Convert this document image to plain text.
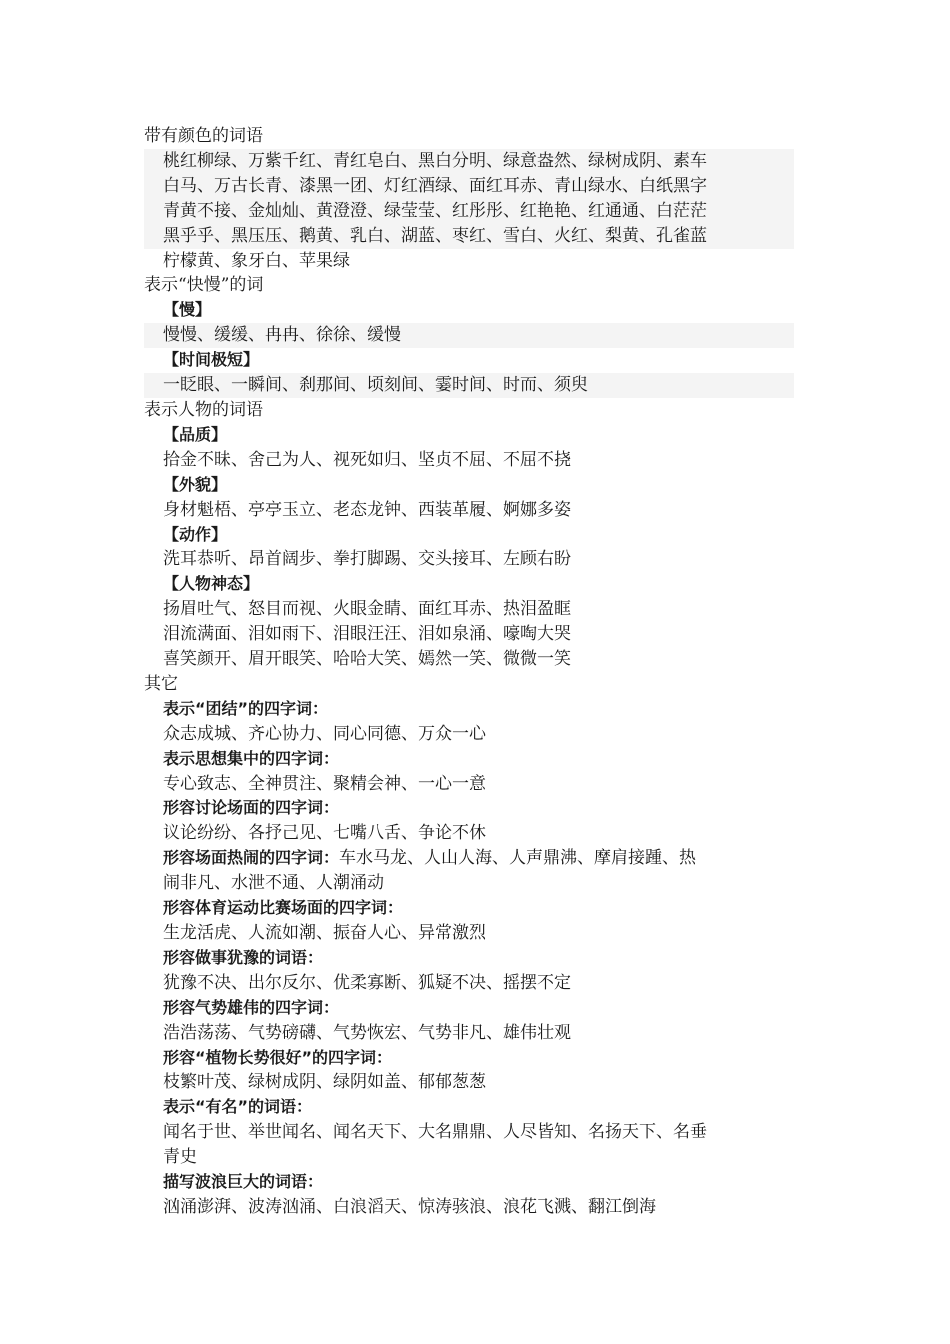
带有颜色的词语
桃红柳绿、万紫千红、青红皂白、黑白分明、绿意盎然、绿树成阴、素车
白马、万古长青、漆黑一团、灯红酒绿、面红耳赤、青山绿水、白纸黑字
青黄不接、金灿灿、黄澄澄、绿莹莹、红彤彤、红艳艳、红通通、白茫茫
黑乎乎、黑压压、鹅黄、乳白、湖蓝、枣红、雪白、火红、梨黄、孔雀蓝
柠檬黄、象牙白、苹果绿
表示“快慢”的词
【慢】
慢慢、缓缓、冉冉、徐徐、缓慢
【时间极短】
一眨眼、一瞬间、刹那间、顷刻间、霎时间、时而、须臾
表示人物的词语
【品质】
拾金不昧、舍己为人、视死如归、坚贞不屈、不屈不挠
【外貌】
身材魁梧、亭亭玉立、老态龙钟、西装革履、婀娜多姿
【动作】
洗耳恭听、昂首阔步、拳打脚踢、交头接耳、左顾右盼
【人物神态】
扬眉吐气、怒目而视、火眼金睛、面红耳赤、热泪盈眶
泪流满面、泪如雨下、泪眼汪汪、泪如泉涌、嚎啕大哭
喜笑颜开、眉开眼笑、哈哈大笑、嫣然一笑、微微一笑
其它
表示“团结”的四字词：
众志成城、齐心协力、同心同德、万众一心
表示思想集中的四字词：
专心致志、全神贯注、聚精会神、一心一意
形容讨论场面的四字词：
议论纷纷、各抒己见、七嘴八舌、争论不休
形容场面热闹的四字词：车水马龙、人山人海、人声鼎沸、摩肩接踵、热
闹非凡、水泄不通、人潮涌动
形容体育运动比赛场面的四字词：
生龙活虎、人流如潮、振奋人心、异常激烈
形容做事犹豫的词语：
犹豫不决、出尔反尔、优柔寡断、狐疑不决、摇摆不定
形容气势雄伟的四字词：
浩浩荡荡、气势磅礴、气势恢宏、气势非凡、雄伟壮观
形容“植物长势很好”的四字词：
枝繁叶茂、绿树成阴、绿阴如盖、郁郁葱葱
表示“有名”的词语：
闻名于世、举世闻名、闻名天下、大名鼎鼎、人尽皆知、名扬天下、名垂
青史
描写波浪巨大的词语：
汹涌澎湃、波涛汹涌、白浪滔天、惊涛骇浪、浪花飞溅、翻江倒海
